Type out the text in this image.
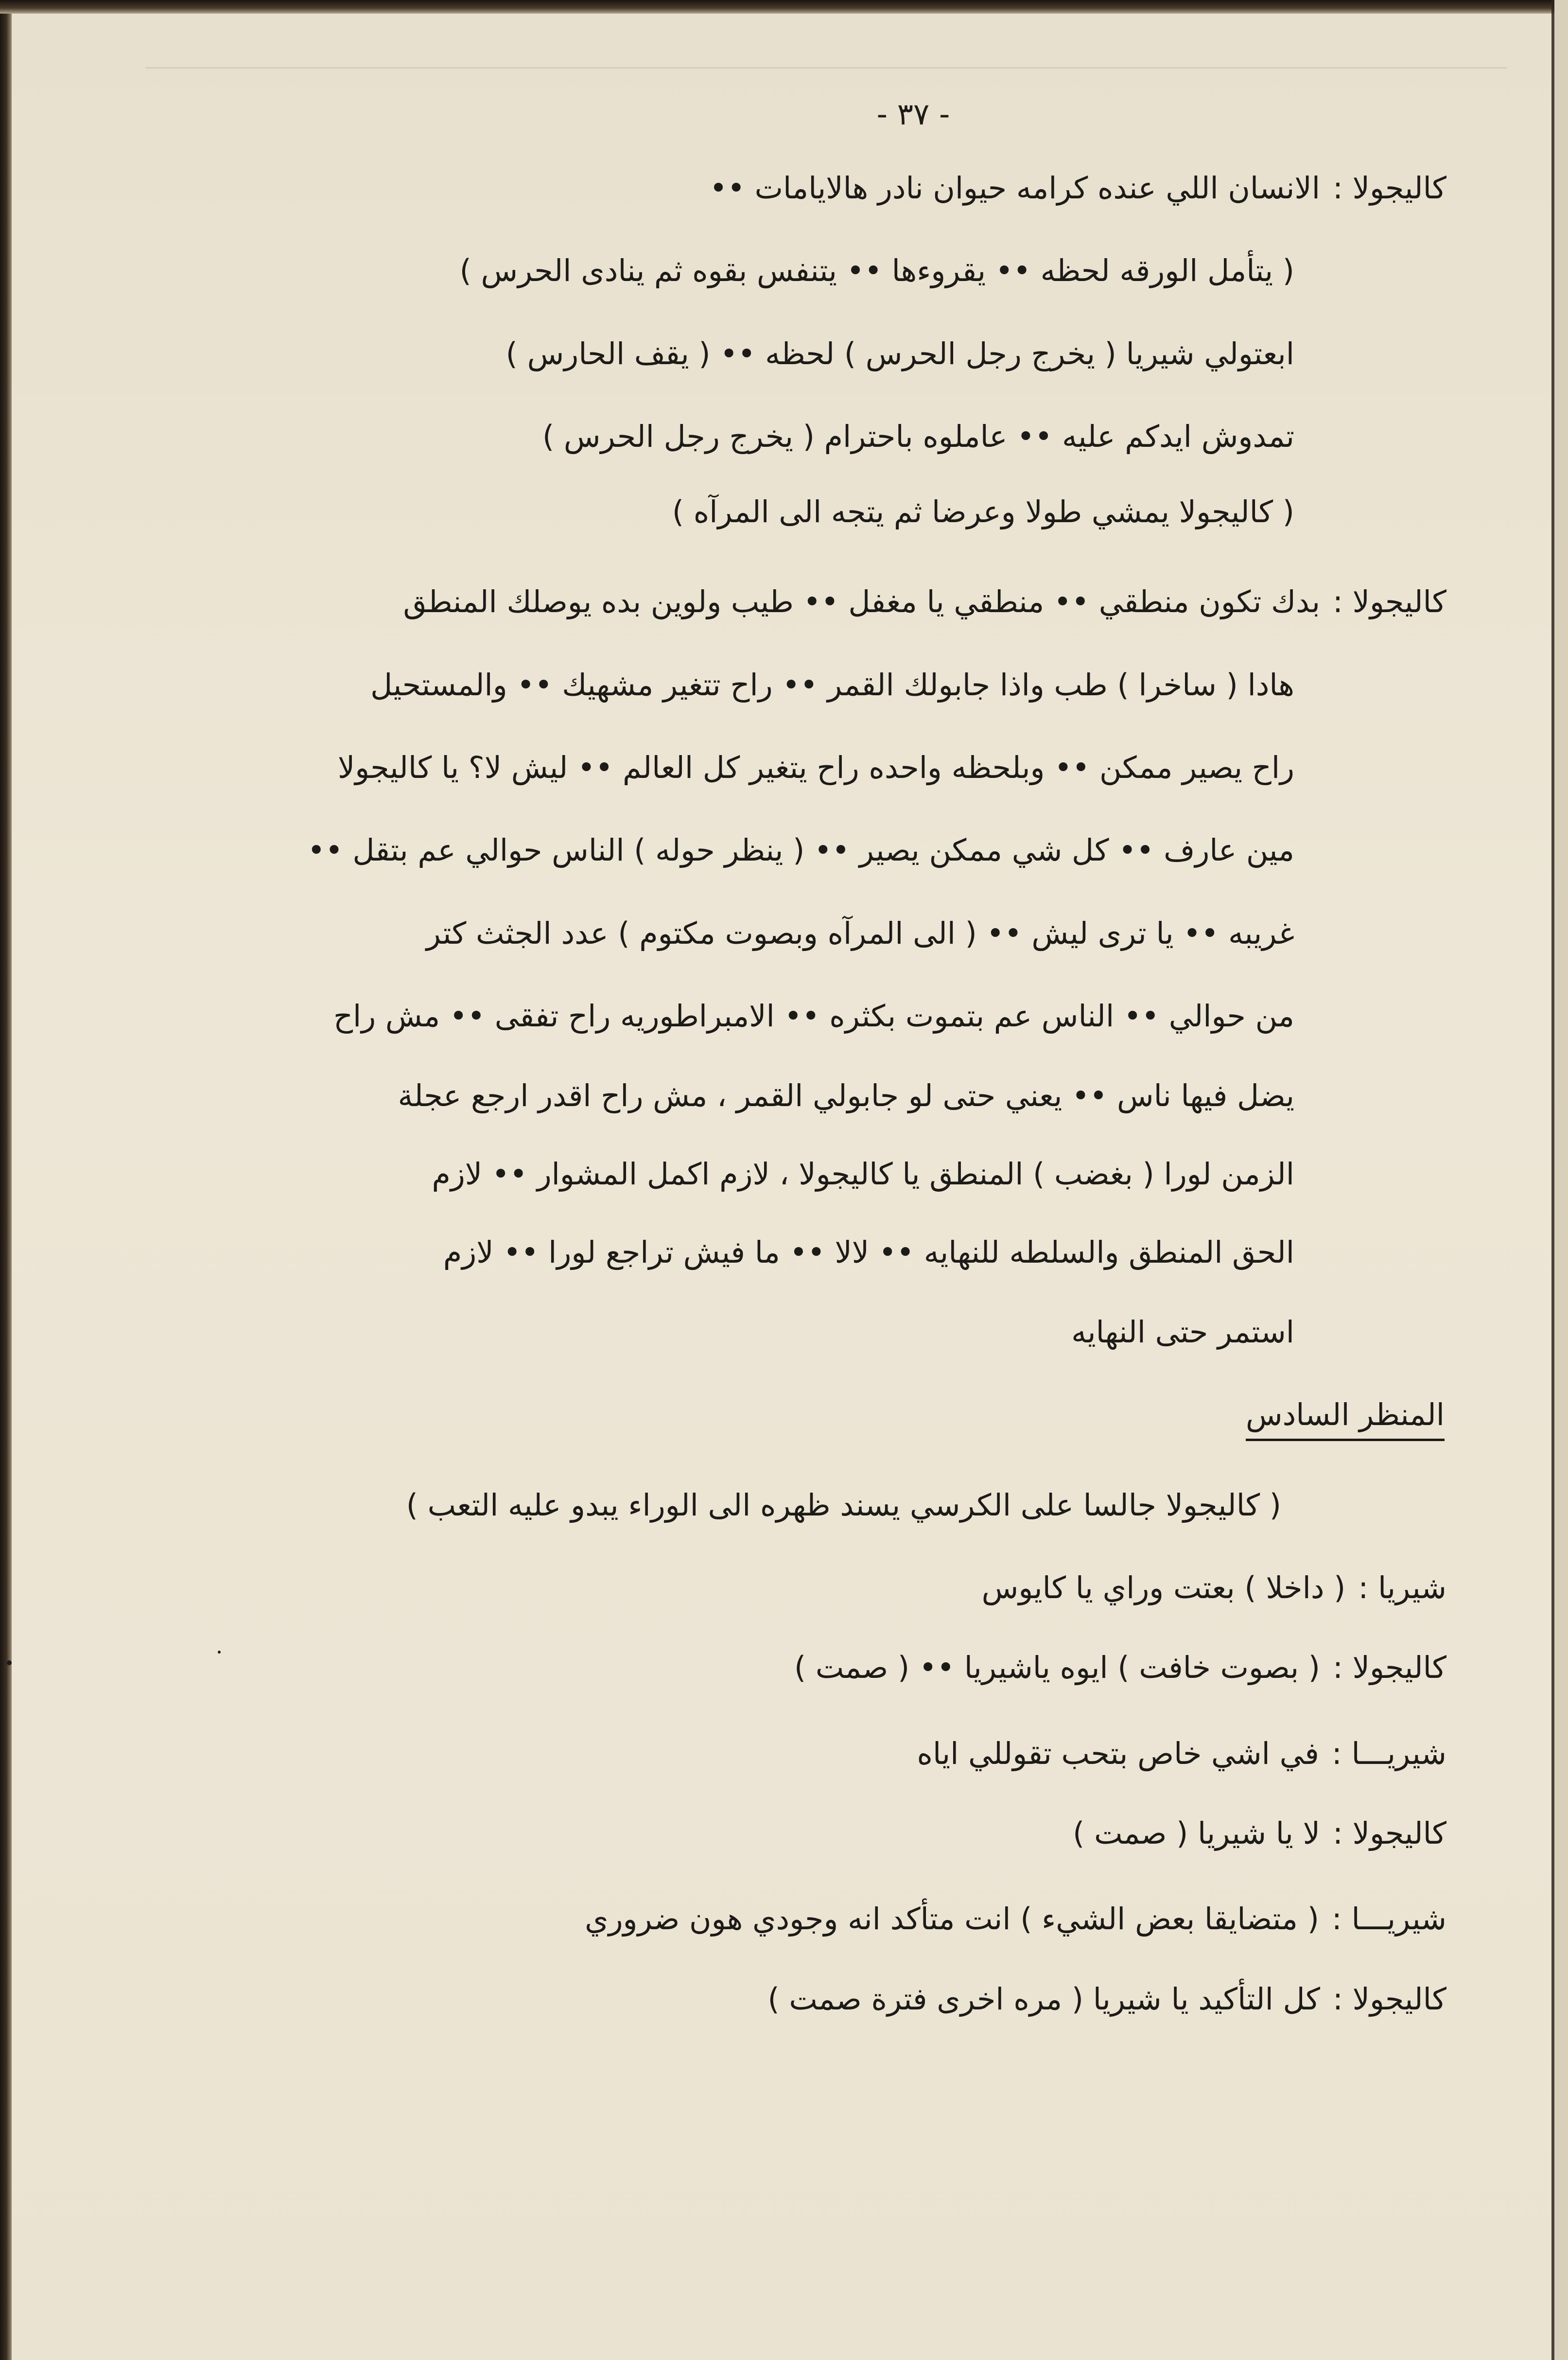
- ٣٧ -
كاليجولا :
الانسان اللي عنده كرامه حيوان نادر هالايامات ••
( يتأمل الورقه لحظه •• يقروءها •• يتنفس بقوه ثم ينادى الحرس )
ابعتولي شيريا ( يخرج رجل الحرس ) لحظه •• ( يقف الحارس )
تمدوش ايدكم عليه •• عاملوه باحترام ( يخرج رجل الحرس )
( كاليجولا يمشي طولا وعرضا ثم يتجه الى المرآه )
كاليجولا :
بدك تكون منطقي •• منطقي يا مغفل •• طيب ولوين بده يوصلك المنطق
هادا ( ساخرا ) طب واذا جابولك القمر •• راح تتغير مشهيك •• والمستحيل
راح يصير ممكن •• وبلحظه واحده راح يتغير كل العالم •• ليش لا؟ يا كاليجولا
مين عارف •• كل شي ممكن يصير •• ( ينظر حوله ) الناس حوالي عم بتقل ••
غريبه •• يا ترى ليش •• ( الى المرآه وبصوت مكتوم ) عدد الجثث كتر
من حوالي •• الناس عم بتموت بكثره •• الامبراطوريه راح تفقى •• مش راح
يضل فيها ناس •• يعني حتى لو جابولي القمر ، مش راح اقدر ارجع عجلة
الزمن لورا ( بغضب ) المنطق يا كاليجولا ، لازم اكمل المشوار •• لازم
الحق المنطق والسلطه للنهايه •• لالا •• ما فيش تراجع لورا •• لازم
استمر حتى النهايه
المنظر السادس
( كاليجولا جالسا على الكرسي يسند ظهره الى الوراء يبدو عليه التعب )
شيريا :
( داخلا ) بعتت وراي يا كايوس
كاليجولا :
( بصوت خافت ) ايوه ياشيريا •• ( صمت )
شيريـــا :
في اشي خاص بتحب تقوللي اياه
كاليجولا :
لا يا شيريا ( صمت )
شيريـــا :
( متضايقا بعض الشيء ) انت متأكد انه وجودي هون ضروري
كاليجولا :
كل التأكيد يا شيريا ( مره اخرى فترة صمت )
